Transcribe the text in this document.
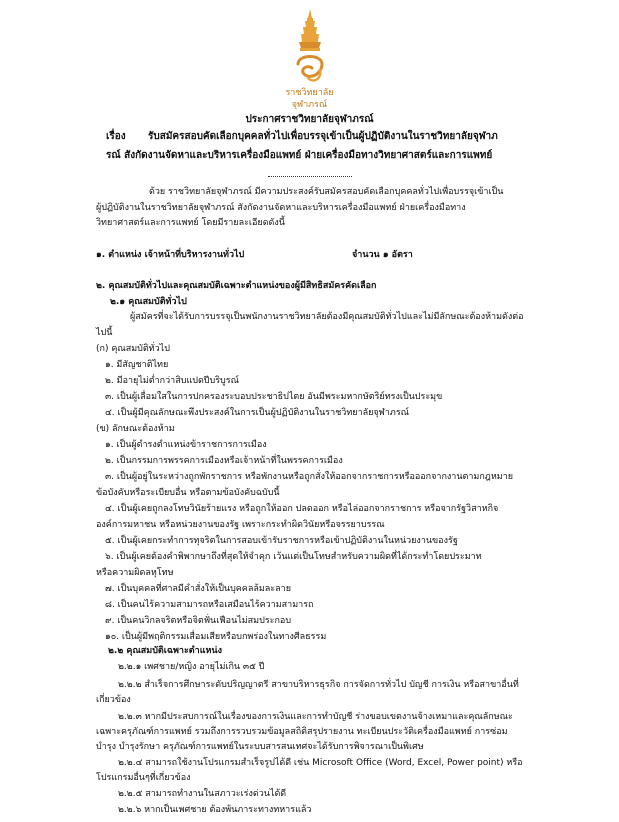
ราชวิทยาลัย
จุฬาภรณ์
ประกาศราชวิทยาลัยจุฬาภรณ์
เรื่อง รับสมัครสอบคัดเลือกบุคคลทั่วไปเพื่อบรรจุเข้าเป็นผู้ปฏิบัติงานในราชวิทยาลัยจุฬาภ
รณ์ สังกัดงานจัดหาและบริหารเครื่องมือแพทย์ ฝ่ายเครื่องมือทางวิทยาศาสตร์และการแพทย์
ด้วย ราชวิทยาลัยจุฬาภรณ์ มีความประสงค์รับสมัครสอบคัดเลือกบุคคลทั่วไปเพื่อบรรจุเข้าเป็น
ผู้ปฏิบัติงานในราชวิทยาลัยจุฬาภรณ์ สังกัดงานจัดหาและบริหารเครื่องมือแพทย์ ฝ่ายเครื่องมือทาง
วิทยาศาสตร์และการแพทย์ โดยมีรายละเอียดดังนี้
๑. ตำแหน่ง เจ้าหน้าที่บริหารงานทั่วไป	จำนวน ๑ อัตรา
๒. คุณสมบัติทั่วไปและคุณสมบัติเฉพาะตำแหน่งของผู้มีสิทธิสมัครคัดเลือก
๒.๑ คุณสมบัติทั่วไป
ผู้สมัครที่จะได้รับการบรรจุเป็นพนักงานราชวิทยาลัยต้องมีคุณสมบัติทั่วไปและไม่มีลักษณะต้องห้ามดังต่อ
ไปนี้
(ก) คุณสมบัติทั่วไป
๑. มีสัญชาติไทย
๒. มีอายุไม่ต่ำกว่าสิบแปดปีบริบูรณ์
๓. เป็นผู้เลื่อมใสในการปกครองระบอบประชาธิปไตย อันมีพระมหากษัตริย์ทรงเป็นประมุข
๔. เป็นผู้มีคุณลักษณะพึงประสงค์ในการเป็นผู้ปฏิบัติงานในราชวิทยาลัยจุฬาภรณ์
(ข) ลักษณะต้องห้าม
๑. เป็นผู้ดำรงตำแหน่งข้าราชการการเมือง
๒. เป็นกรรมการพรรคการเมืองหรือเจ้าหน้าที่ในพรรคการเมือง
๓. เป็นผู้อยู่ในระหว่างถูกพักราชการ หรือพักงานหรือถูกสั่งให้ออกจากราชการหรือออกจากงานตามกฎหมาย
ข้อบังคับหรือระเบียบอื่น หรือตามข้อบังคับฉบับนี้
๔. เป็นผู้เคยถูกลงโทษวินัยร้ายแรง หรือถูกให้ออก ปลดออก หรือไล่ออกจากราชการ หรือจากรัฐวิสาหกิจ
องค์การมหาชน หรือหน่วยงานของรัฐ เพราะกระทำผิดวินัยหรือจรรยาบรรณ
๕. เป็นผู้เคยกระทำการทุจริตในการสอบเข้ารับราชการหรือเข้าปฏิบัติงานในหน่วยงานของรัฐ
๖. เป็นผู้เคยต้องคำพิพากษาถึงที่สุดให้จำคุก เว้นแต่เป็นโทษสำหรับความผิดที่ได้กระทำโดยประมาท
หรือความผิดลหุโทษ
๗. เป็นบุคคลที่ศาลมีคำสั่งให้เป็นบุคคลล้มละลาย
๘. เป็นคนไร้ความสามารถหรือเสมือนไร้ความสามารถ
๙. เป็นคนวิกลจริตหรือจิตฟั่นเฟือนไม่สมประกอบ
๑๐. เป็นผู้มีพฤติกรรมเสื่อมเสียหรือบกพร่องในทางศีลธรรม
๒.๒ คุณสมบัติเฉพาะตำแหน่ง
๒.๒.๑ เพศชาย/หญิง อายุไม่เกิน ๓๕ ปี
๒.๒.๒ สำเร็จการศึกษาระดับปริญญาตรี สาขาบริหารธุรกิจ การจัดการทั่วไป บัญชี การเงิน หรือสาขาอื่นที่
เกี่ยวข้อง
๒.๒.๓ หากมีประสบการณ์ในเรื่องของการเงินและการทำบัญชี ร่างขอบเขตงานจ้างเหมาและคุณลักษณะ
เฉพาะครุภัณฑ์การแพทย์ รวมถึงการรวบรวมข้อมูลสถิติสรุปรายงาน ทะเบียนประวัติเครื่องมือแพทย์ การซ่อม
บำรุง บำรุงรักษา ครุภัณฑ์การแพทย์ในระบบสารสนเทศจะได้รับการพิจารณาเป็นพิเศษ
๒.๒.๔ สามารถใช้งานโปรแกรมสำเร็จรูปได้ดี เช่น Microsoft Office (Word, Excel, Power point) หรือ
โปรแกรมอื่นๆที่เกี่ยวข้อง
๒.๒.๕ สามารถทำงานในสภาวะเร่งด่วนได้ดี
๒.๒.๖ หากเป็นเพศชาย ต้องพ้นภาระทางทหารแล้ว
